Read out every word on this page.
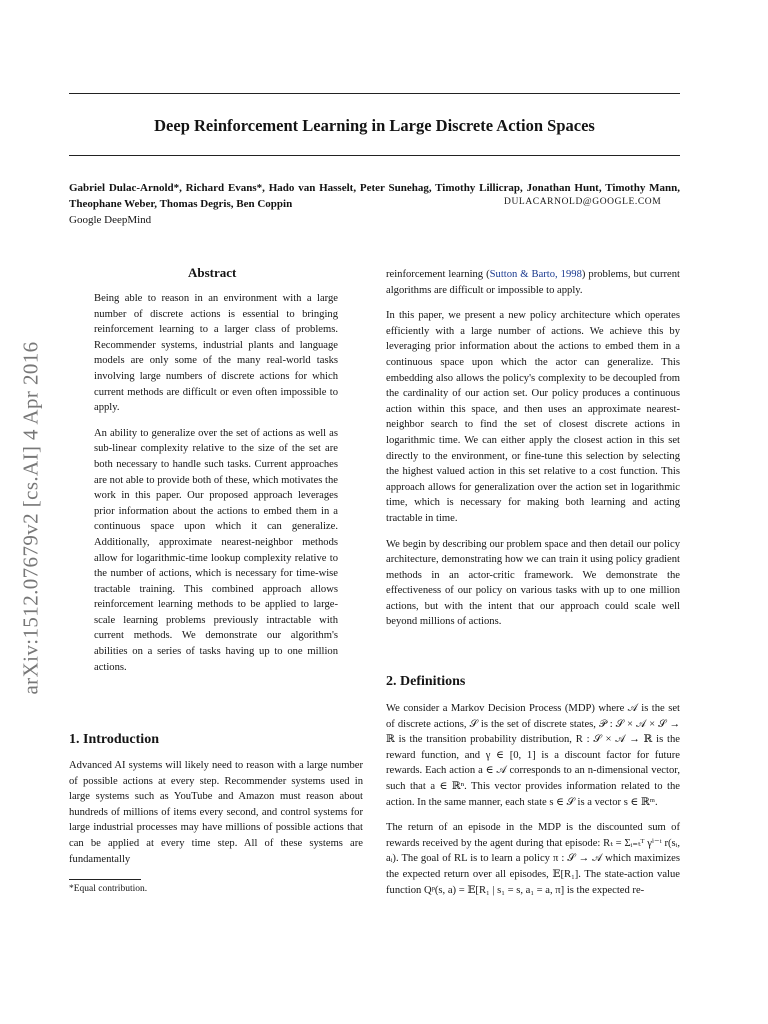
Deep Reinforcement Learning in Large Discrete Action Spaces
Gabriel Dulac-Arnold*, Richard Evans*, Hado van Hasselt, Peter Sunehag, Timothy Lillicrap, Jonathan Hunt, Timothy Mann, Theophane Weber, Thomas Degris, Ben Coppin	DULACARNOLD@GOOGLE.COM
Google DeepMind
arXiv:1512.07679v2 [cs.AI] 4 Apr 2016
Abstract

Being able to reason in an environment with a large number of discrete actions is essential to bringing reinforcement learning to a larger class of problems. Recommender systems, industrial plants and language models are only some of the many real-world tasks involving large numbers of discrete actions for which current methods are difficult or even often impossible to apply.

An ability to generalize over the set of actions as well as sub-linear complexity relative to the size of the set are both necessary to handle such tasks. Current approaches are not able to provide both of these, which motivates the work in this paper. Our proposed approach leverages prior information about the actions to embed them in a continuous space upon which it can generalize. Additionally, approximate nearest-neighbor methods allow for logarithmic-time lookup complexity relative to the number of actions, which is necessary for time-wise tractable training. This combined approach allows reinforcement learning methods to be applied to large-scale learning problems previously intractable with current methods. We demonstrate our algorithm's abilities on a series of tasks having up to one million actions.

1. Introduction

Advanced AI systems will likely need to reason with a large number of possible actions at every step. Recommender systems used in large systems such as YouTube and Amazon must reason about hundreds of millions of items every second, and control systems for large industrial processes may have millions of possible actions that can be applied at every time step. All of these systems are fundamentally

*Equal contribution.

reinforcement learning (Sutton & Barto, 1998) problems, but current algorithms are difficult or impossible to apply.

In this paper, we present a new policy architecture which operates efficiently with a large number of actions. We achieve this by leveraging prior information about the actions to embed them in a continuous space upon which the actor can generalize. This embedding also allows the policy's complexity to be decoupled from the cardinality of our action set. Our policy produces a continuous action within this space, and then uses an approximate nearest-neighbor search to find the set of closest discrete actions in logarithmic time. We can either apply the closest action in this set directly to the environment, or fine-tune this selection by selecting the highest valued action in this set relative to a cost function. This approach allows for generalization over the action set in logarithmic time, which is necessary for making both learning and acting tractable in time.

We begin by describing our problem space and then detail our policy architecture, demonstrating how we can train it using policy gradient methods in an actor-critic framework. We demonstrate the effectiveness of our policy on various tasks with up to one million actions, but with the intent that our approach could scale well beyond millions of actions.

2. Definitions

We consider a Markov Decision Process (MDP) where 𝒜 is the set of discrete actions, 𝒮 is the set of discrete states, 𝒫 : 𝒮 × 𝒜 × 𝒮 → ℝ is the transition probability distribution, R : 𝒮 × 𝒜 → ℝ is the reward function, and γ ∈ [0, 1] is a discount factor for future rewards. Each action a ∈ 𝒜 corresponds to an n-dimensional vector, such that a ∈ ℝⁿ. This vector provides information related to the action. In the same manner, each state s ∈ 𝒮 is a vector s ∈ ℝᵐ.

The return of an episode in the MDP is the discounted sum of rewards received by the agent during that episode: Rₜ = Σᵢ₌ₜᵀ γⁱ⁻ᵗ r(sᵢ, aᵢ). The goal of RL is to learn a policy π : 𝒮 → 𝒜 which maximizes the expected return over all episodes, 𝔼[R₁]. The state-action value function Qᵖ(s, a) = 𝔼[R₁ | s₁ = s, a₁ = a, π] is the expected re-
